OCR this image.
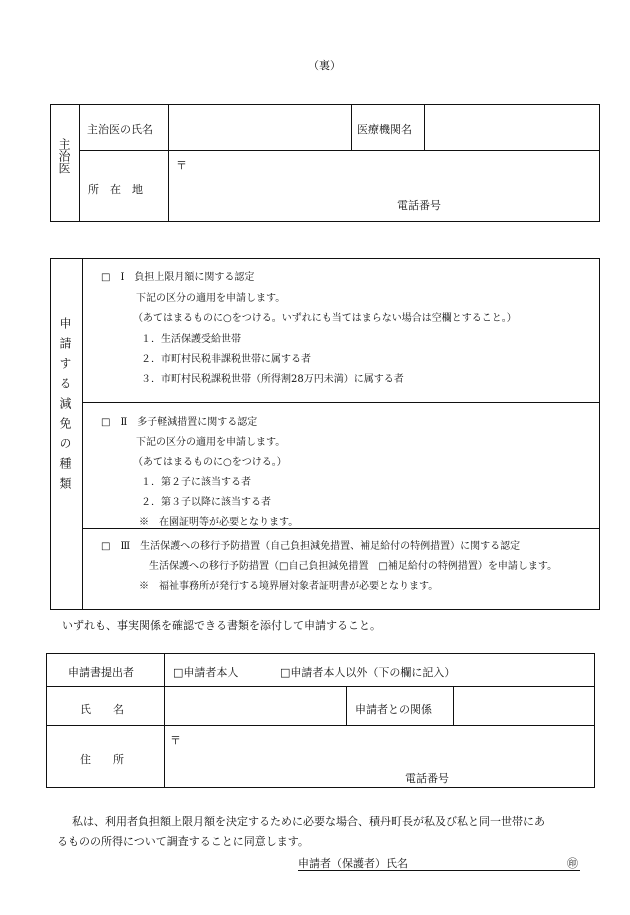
（裏）
主治医
主治医の氏名	医療機関名
所　在　地
〒
電話番号
申請する減免の種類
□　Ⅰ　負担上限月額に関する認定
下記の区分の適用を申請します。
（あてはまるものに○をつける。いずれにも当てはまらない場合は空欄とすること。）
１．生活保護受給世帯
２．市町村民税非課税世帯に属する者
３．市町村民税課税世帯（所得割28万円未満）に属する者
□　Ⅱ　多子軽減措置に関する認定
下記の区分の適用を申請します。
（あてはまるものに○をつける。）
１．第２子に該当する者
２．第３子以降に該当する者
※　在園証明等が必要となります。
□　Ⅲ　生活保護への移行予防措置（自己負担減免措置、補足給付の特例措置）に関する認定
生活保護への移行予防措置（□自己負担減免措置　□補足給付の特例措置）を申請します。
※　福祉事務所が発行する境界層対象者証明書が必要となります。
いずれも、事実関係を確認できる書類を添付して申請すること。
申請書提出者	□申請者本人	□申請者本人以外（下の欄に記入）
氏　　名	申請者との関係
住　　所
〒
電話番号
私は、利用者負担額上限月額を決定するために必要な場合、積丹町長が私及び私と同一世帯にあ
るものの所得について調査することに同意します。
申請者（保護者）氏名	㊞
